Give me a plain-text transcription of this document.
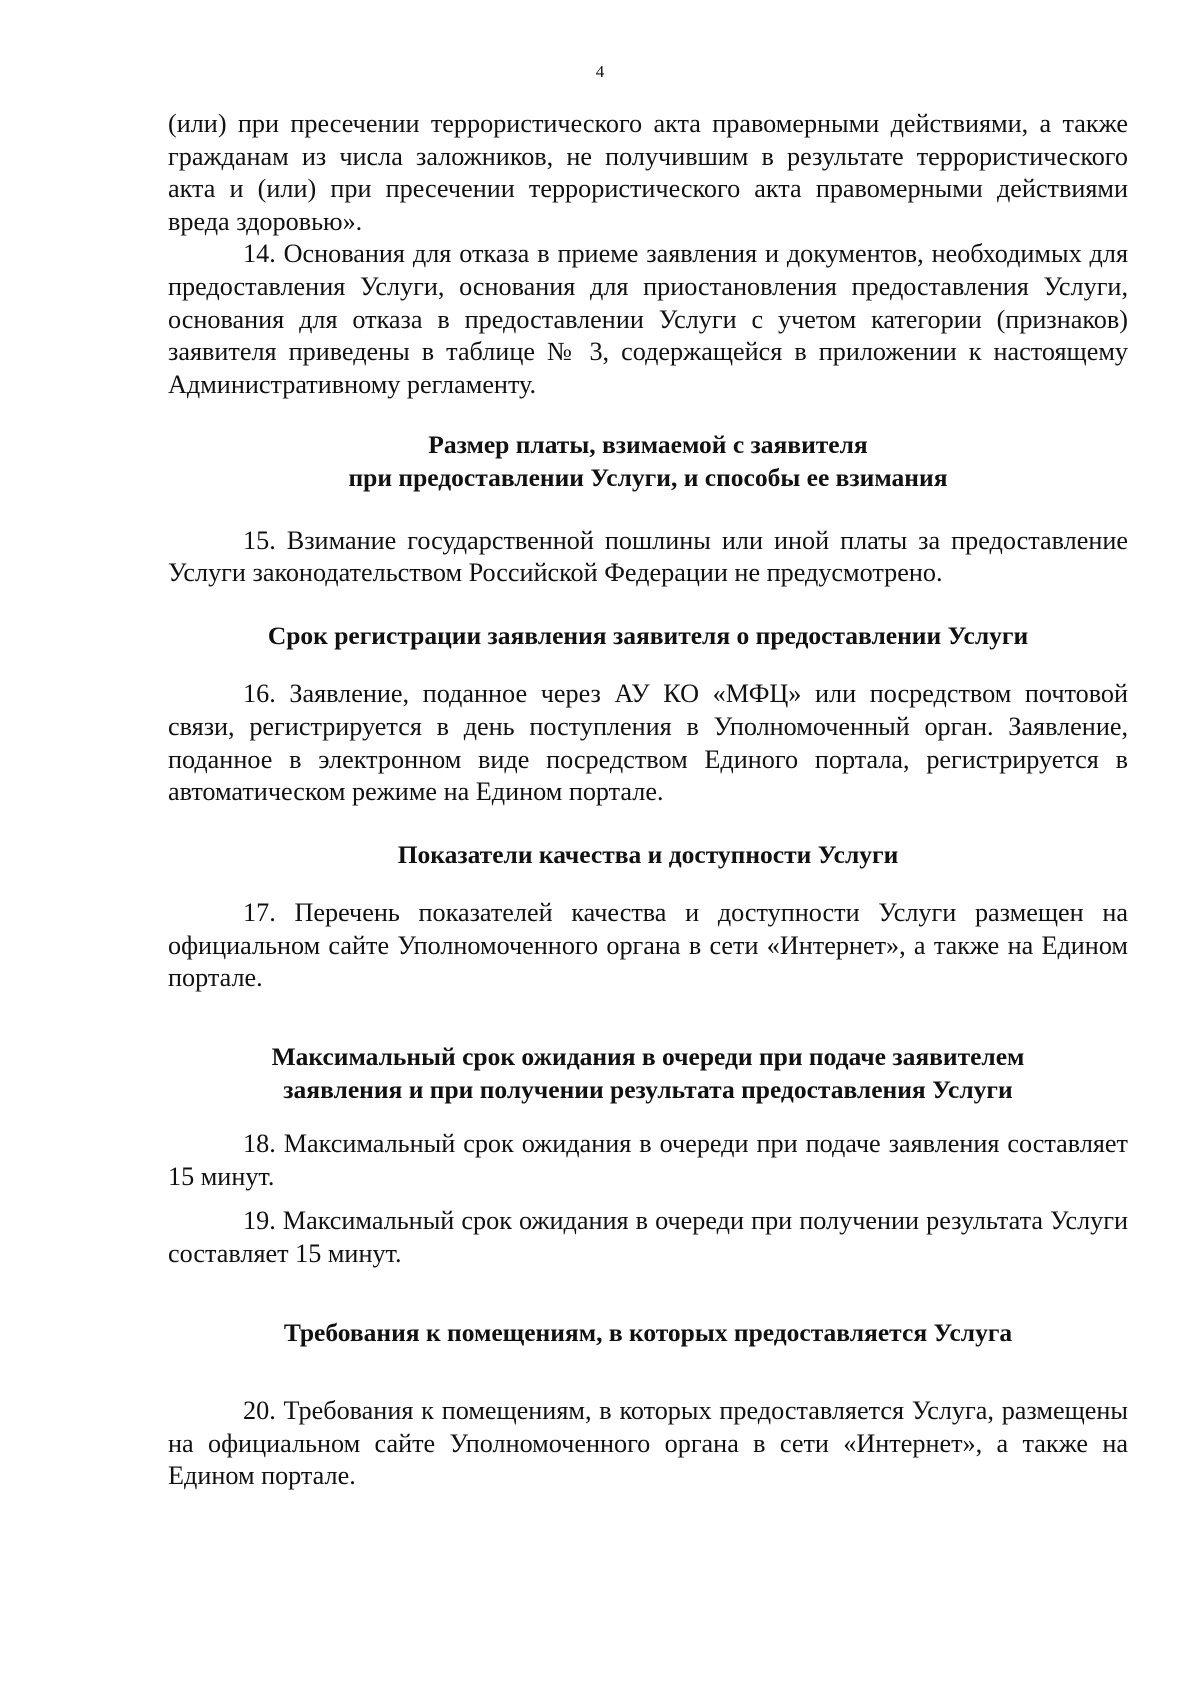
4

(или) при пресечении террористического акта правомерными действиями, а также гражданам из числа заложников, не получившим в результате террористического акта и (или) при пресечении террористического акта правомерными действиями вреда здоровью».

14. Основания для отказа в приеме заявления и документов, необходимых для предоставления Услуги, основания для приостановления предоставления Услуги, основания для отказа в предоставлении Услуги с учетом категории (признаков) заявителя приведены в таблице № 3, содержащейся в приложении к настоящему Административному регламенту.

Размер платы, взимаемой с заявителя
при предоставлении Услуги, и способы ее взимания

15. Взимание государственной пошлины или иной платы за предоставление Услуги законодательством Российской Федерации не предусмотрено.

Срок регистрации заявления заявителя о предоставлении Услуги

16. Заявление, поданное через АУ КО «МФЦ» или посредством почтовой связи, регистрируется в день поступления в Уполномоченный орган. Заявление, поданное в электронном виде посредством Единого портала, регистрируется в автоматическом режиме на Едином портале.

Показатели качества и доступности Услуги

17. Перечень показателей качества и доступности Услуги размещен на официальном сайте Уполномоченного органа в сети «Интернет», а также на Едином портале.

Максимальный срок ожидания в очереди при подаче заявителем
заявления и при получении результата предоставления Услуги

18. Максимальный срок ожидания в очереди при подаче заявления составляет 15 минут.

19. Максимальный срок ожидания в очереди при получении результата Услуги составляет 15 минут.

Требования к помещениям, в которых предоставляется Услуга

20. Требования к помещениям, в которых предоставляется Услуга, размещены на официальном сайте Уполномоченного органа в сети «Интернет», а также на Едином портале.
